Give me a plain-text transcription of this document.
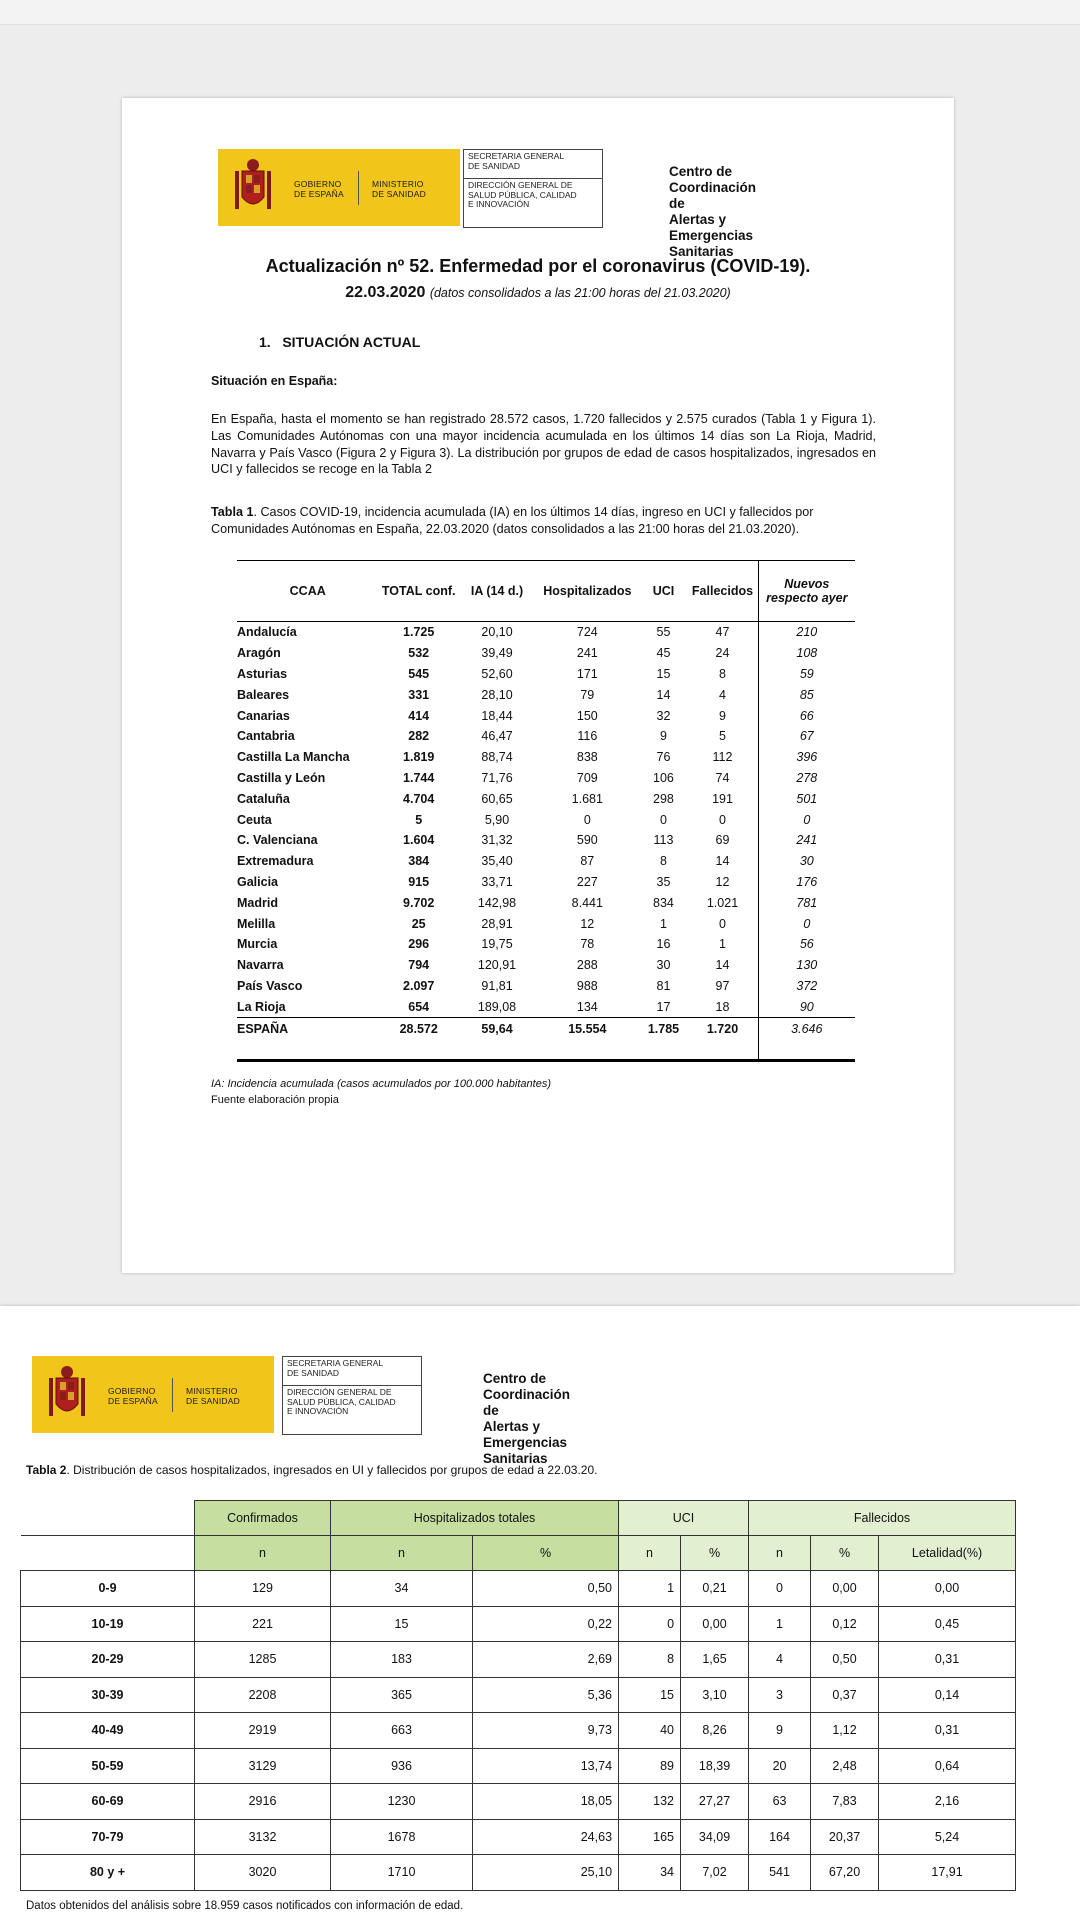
GOBIERNO
DE ESPAÑA
MINISTERIO
DE SANIDAD
SECRETARIA GENERAL
DE SANIDAD
DIRECCIÓN GENERAL DE
SALUD PÚBLICA, CALIDAD
E INNOVACIÓN
Centro de Coordinación de
Alertas y Emergencias
Sanitarias
Actualización nº 52. Enfermedad por el coronavirus (COVID-19).
22.03.2020 (datos consolidados a las 21:00 horas del 21.03.2020)
1.   SITUACIÓN ACTUAL
Situación en España:
En España, hasta el momento se han registrado 28.572 casos, 1.720 fallecidos y 2.575 curados (Tabla 1 y Figura 1). Las Comunidades Autónomas con una mayor incidencia acumulada en los últimos 14 días son La Rioja, Madrid, Navarra y País Vasco (Figura 2 y Figura 3). La distribución por grupos de edad de casos hospitalizados, ingresados en UCI y fallecidos se recoge en la Tabla 2
Tabla 1. Casos COVID-19, incidencia acumulada (IA) en los últimos 14 días, ingreso en UCI y fallecidos por Comunidades Autónomas en España, 22.03.2020 (datos consolidados a las 21:00 horas del 21.03.2020).
CCAA	TOTAL conf.	IA (14 d.)	Hospitalizados	UCI	Fallecidos	Nuevos respecto ayer
Andalucía	1.725	20,10	724	55	47	210
Aragón	532	39,49	241	45	24	108
Asturias	545	52,60	171	15	8	59
Baleares	331	28,10	79	14	4	85
Canarias	414	18,44	150	32	9	66
Cantabria	282	46,47	116	9	5	67
Castilla La Mancha	1.819	88,74	838	76	112	396
Castilla y León	1.744	71,76	709	106	74	278
Cataluña	4.704	60,65	1.681	298	191	501
Ceuta	5	5,90	0	0	0	0
C. Valenciana	1.604	31,32	590	113	69	241
Extremadura	384	35,40	87	8	14	30
Galicia	915	33,71	227	35	12	176
Madrid	9.702	142,98	8.441	834	1.021	781
Melilla	25	28,91	12	1	0	0
Murcia	296	19,75	78	16	1	56
Navarra	794	120,91	288	30	14	130
País Vasco	2.097	91,81	988	81	97	372
La Rioja	654	189,08	134	17	18	90
ESPAÑA	28.572	59,64	15.554	1.785	1.720	3.646

IA: Incidencia acumulada (casos acumulados por 100.000 habitantes)
Fuente elaboración propia
GOBIERNO
DE ESPAÑA
MINISTERIO
DE SANIDAD
SECRETARIA GENERAL
DE SANIDAD
DIRECCIÓN GENERAL DE
SALUD PÚBLICA, CALIDAD
E INNOVACIÓN
Centro de Coordinación de
Alertas y Emergencias
Sanitarias
Tabla 2. Distribución de casos hospitalizados, ingresados en UI y fallecidos por grupos de edad a 22.03.20.
	Confirmados	Hospitalizados totales		UCI		Fallecidos		
	n	n	%	n	%	n	%	Letalidad(%)
0-9	129	34	0,50	1	0,21	0	0,00	0,00
10-19	221	15	0,22	0	0,00	1	0,12	0,45
20-29	1285	183	2,69	8	1,65	4	0,50	0,31
30-39	2208	365	5,36	15	3,10	3	0,37	0,14
40-49	2919	663	9,73	40	8,26	9	1,12	0,31
50-59	3129	936	13,74	89	18,39	20	2,48	0,64
60-69	2916	1230	18,05	132	27,27	63	7,83	2,16
70-79	3132	1678	24,63	165	34,09	164	20,37	5,24
80 y +	3020	1710	25,10	34	7,02	541	67,20	17,91
Datos obtenidos del análisis sobre 18.959 casos notificados con información de edad.
